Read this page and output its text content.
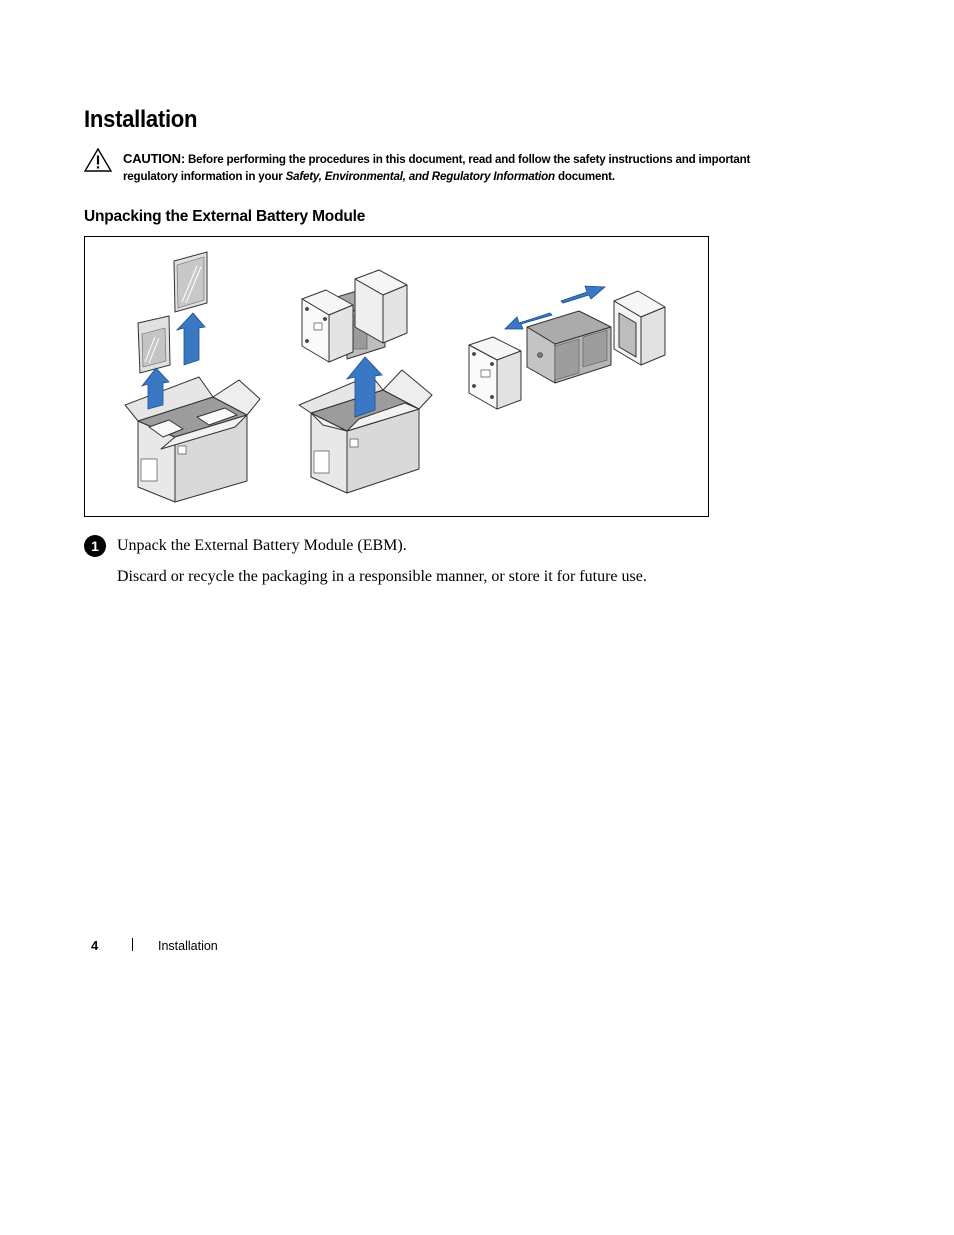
Installation
CAUTION: Before performing the procedures in this document, read and follow the safety instructions and important regulatory information in your Safety, Environmental, and Regulatory Information document.
Unpacking the External Battery Module
1	Unpack the External Battery Module (EBM).
Discard or recycle the packaging in a responsible manner, or store it for future use.
4	Installation
